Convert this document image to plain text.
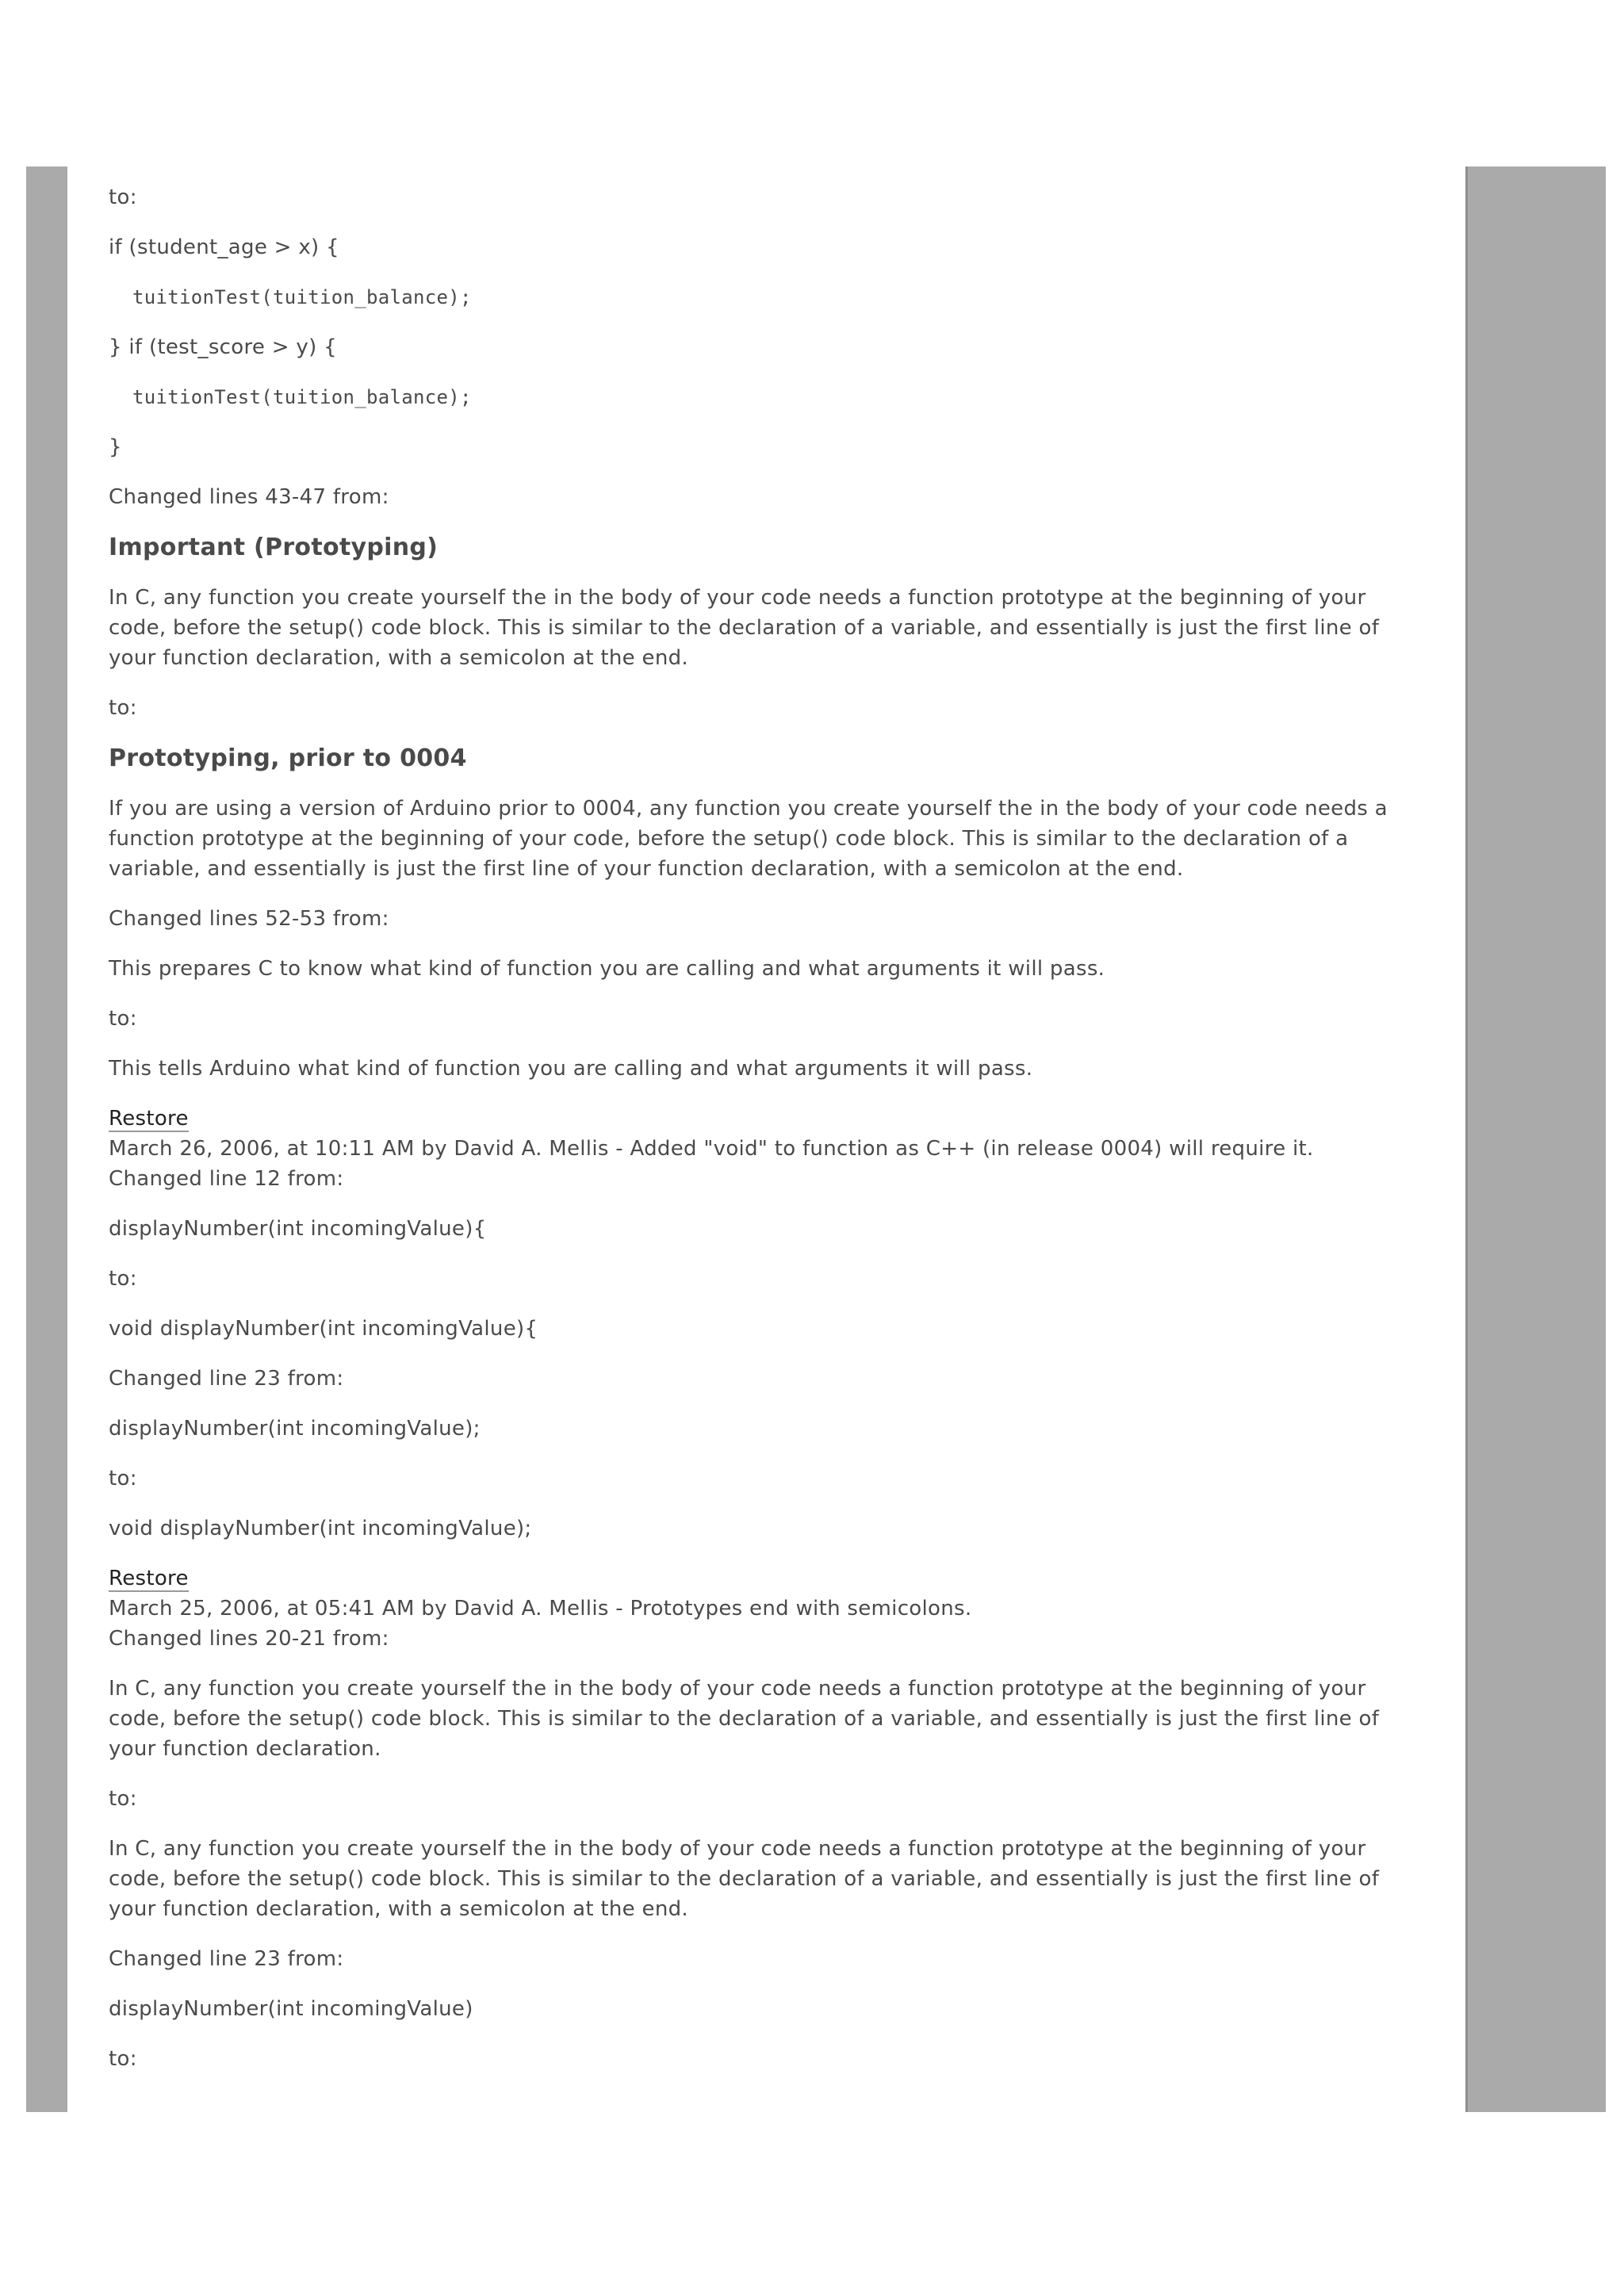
to:

if (student_age > x) {

tuitionTest(tuition_balance);

} if (test_score > y) {

tuitionTest(tuition_balance);

}

Changed lines 43-47 from:

Important (Prototyping)

In C, any function you create yourself the in the body of your code needs a function prototype at the beginning of your code, before the setup() code block. This is similar to the declaration of a variable, and essentially is just the first line of your function declaration, with a semicolon at the end.

to:

Prototyping, prior to 0004

If you are using a version of Arduino prior to 0004, any function you create yourself the in the body of your code needs a function prototype at the beginning of your code, before the setup() code block. This is similar to the declaration of a variable, and essentially is just the first line of your function declaration, with a semicolon at the end.

Changed lines 52-53 from:

This prepares C to know what kind of function you are calling and what arguments it will pass.

to:

This tells Arduino what kind of function you are calling and what arguments it will pass.

Restore
March 26, 2006, at 10:11 AM by David A. Mellis - Added "void" to function as C++ (in release 0004) will require it.
Changed line 12 from:

displayNumber(int incomingValue){

to:

void displayNumber(int incomingValue){

Changed line 23 from:

displayNumber(int incomingValue);

to:

void displayNumber(int incomingValue);

Restore
March 25, 2006, at 05:41 AM by David A. Mellis - Prototypes end with semicolons.
Changed lines 20-21 from:

In C, any function you create yourself the in the body of your code needs a function prototype at the beginning of your code, before the setup() code block. This is similar to the declaration of a variable, and essentially is just the first line of your function declaration.

to:

In C, any function you create yourself the in the body of your code needs a function prototype at the beginning of your code, before the setup() code block. This is similar to the declaration of a variable, and essentially is just the first line of your function declaration, with a semicolon at the end.

Changed line 23 from:

displayNumber(int incomingValue)

to:
